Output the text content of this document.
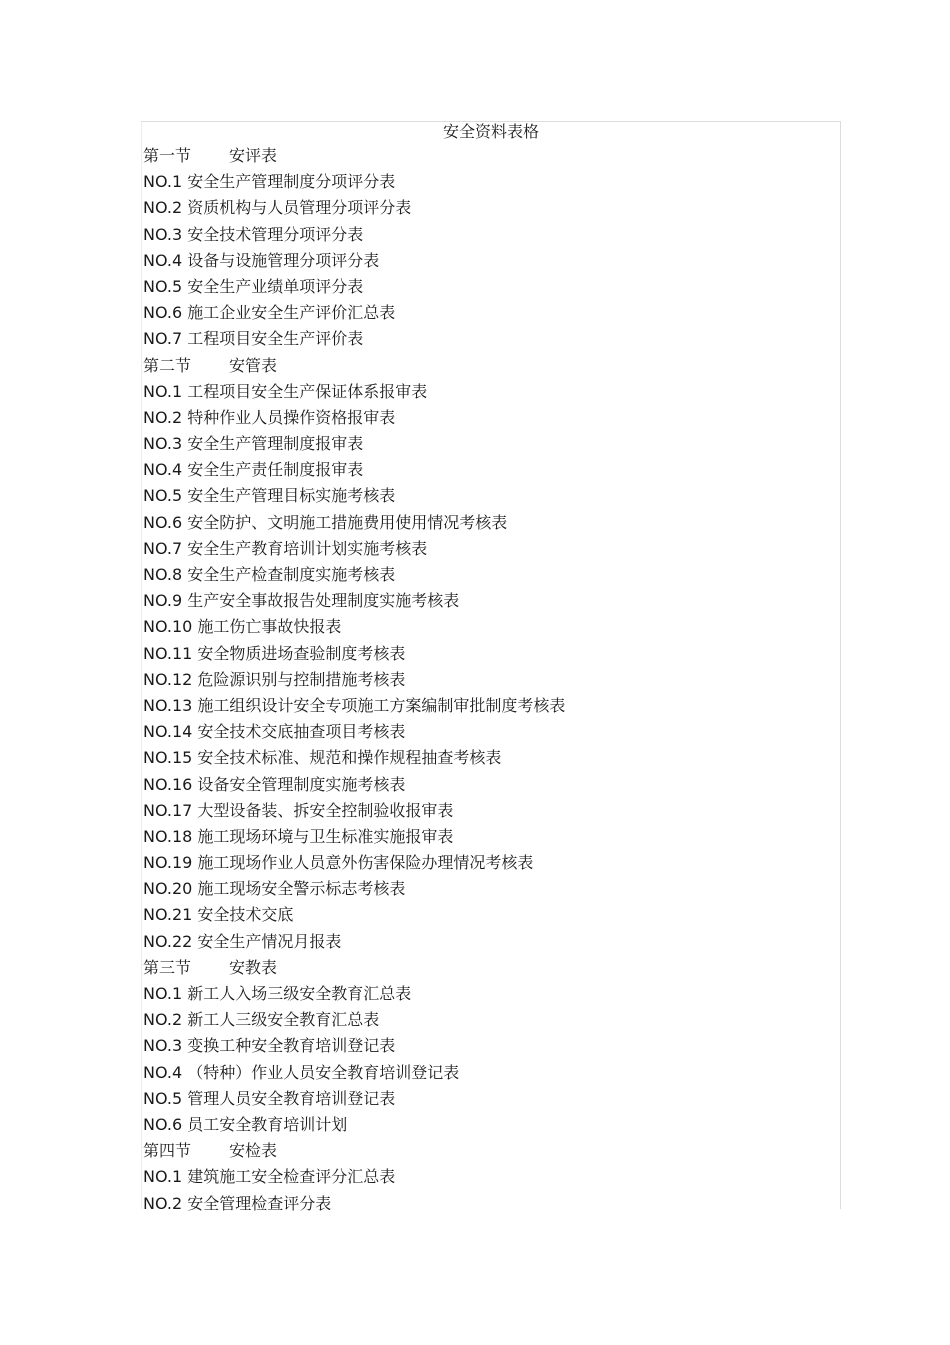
安全资料表格
第一节 安评表
NO.1 安全生产管理制度分项评分表
NO.2 资质机构与人员管理分项评分表
NO.3 安全技术管理分项评分表
NO.4 设备与设施管理分项评分表
NO.5 安全生产业绩单项评分表
NO.6 施工企业安全生产评价汇总表
NO.7 工程项目安全生产评价表
第二节 安管表
NO.1 工程项目安全生产保证体系报审表
NO.2 特种作业人员操作资格报审表
NO.3 安全生产管理制度报审表
NO.4 安全生产责任制度报审表
NO.5 安全生产管理目标实施考核表
NO.6 安全防护、文明施工措施费用使用情况考核表
NO.7 安全生产教育培训计划实施考核表
NO.8 安全生产检查制度实施考核表
NO.9 生产安全事故报告处理制度实施考核表
NO.10 施工伤亡事故快报表
NO.11 安全物质进场查验制度考核表
NO.12 危险源识别与控制措施考核表
NO.13 施工组织设计安全专项施工方案编制审批制度考核表
NO.14 安全技术交底抽查项目考核表
NO.15 安全技术标准、规范和操作规程抽查考核表
NO.16 设备安全管理制度实施考核表
NO.17 大型设备装、拆安全控制验收报审表
NO.18 施工现场环境与卫生标准实施报审表
NO.19 施工现场作业人员意外伤害保险办理情况考核表
NO.20 施工现场安全警示标志考核表
NO.21 安全技术交底
NO.22 安全生产情况月报表
第三节 安教表
NO.1 新工人入场三级安全教育汇总表
NO.2 新工人三级安全教育汇总表
NO.3 变换工种安全教育培训登记表
NO.4 （特种）作业人员安全教育培训登记表
NO.5 管理人员安全教育培训登记表
NO.6 员工安全教育培训计划
第四节 安检表
NO.1 建筑施工安全检查评分汇总表
NO.2 安全管理检查评分表
